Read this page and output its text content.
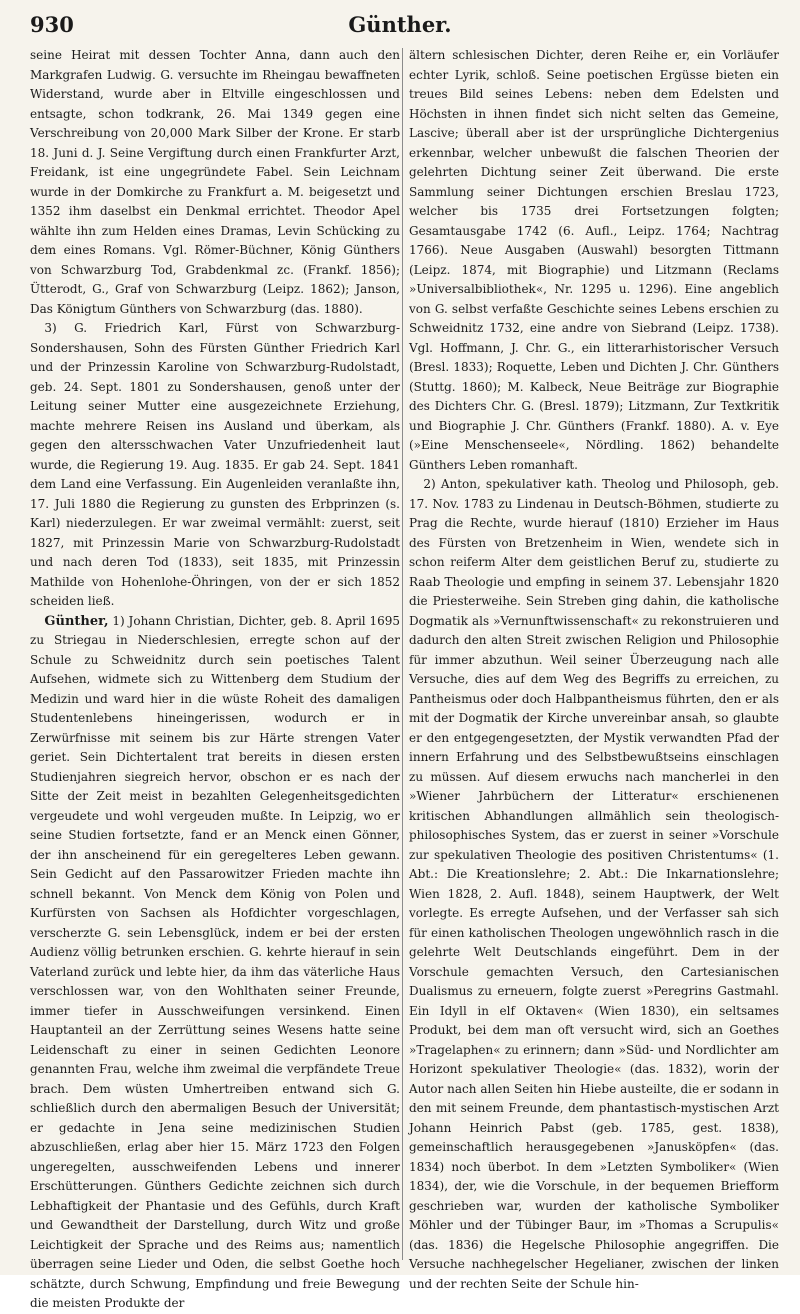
930	Günther.

seine Heirat mit dessen Tochter Anna, dann auch den Markgrafen Ludwig. G. versuchte im Rheingau bewaffneten Widerstand, wurde aber in Eltville eingeschlossen und entsagte, schon todkrank, 26. Mai 1349 gegen eine Verschreibung von 20,000 Mark Silber der Krone. Er starb 18. Juni d. J. Seine Vergiftung durch einen Frankfurter Arzt, Freidank, ist eine ungegründete Fabel. Sein Leichnam wurde in der Domkirche zu Frankfurt a. M. beigesetzt und 1352 ihm daselbst ein Denkmal errichtet. Theodor Apel wählte ihn zum Helden eines Dramas, Levin Schücking zu dem eines Romans. Vgl. Römer-Büchner, König Günthers von Schwarzburg Tod, Grabdenkmal zc. (Frankf. 1856); Ütterodt, G., Graf von Schwarzburg (Leipz. 1862); Janson, Das Königtum Günthers von Schwarzburg (das. 1880).

3) G. Friedrich Karl, Fürst von Schwarzburg-Sondershausen, Sohn des Fürsten Günther Friedrich Karl und der Prinzessin Karoline von Schwarzburg-Rudolstadt, geb. 24. Sept. 1801 zu Sondershausen, genoß unter der Leitung seiner Mutter eine ausgezeichnete Erziehung, machte mehrere Reisen ins Ausland und überkam, als gegen den altersschwachen Vater Unzufriedenheit laut wurde, die Regierung 19. Aug. 1835. Er gab 24. Sept. 1841 dem Land eine Verfassung. Ein Augenleiden veranlaßte ihn, 17. Juli 1880 die Regierung zu gunsten des Erbprinzen (s. Karl) niederzulegen. Er war zweimal vermählt: zuerst, seit 1827, mit Prinzessin Marie von Schwarzburg-Rudolstadt und nach deren Tod (1833), seit 1835, mit Prinzessin Mathilde von Hohenlohe-Öhringen, von der er sich 1852 scheiden ließ.

Günther, 1) Johann Christian, Dichter, geb. 8. April 1695 zu Striegau in Niederschlesien, erregte schon auf der Schule zu Schweidnitz durch sein poetisches Talent Aufsehen, widmete sich zu Wittenberg dem Studium der Medizin und ward hier in die wüste Roheit des damaligen Studentenlebens hineingerissen, wodurch er in Zerwürfnisse mit seinem bis zur Härte strengen Vater geriet. Sein Dichtertalent trat bereits in diesen ersten Studienjahren siegreich hervor, obschon er es nach der Sitte der Zeit meist in bezahlten Gelegenheitsgedichten vergeudete und wohl vergeuden mußte. In Leipzig, wo er seine Studien fortsetzte, fand er an Menck einen Gönner, der ihn anscheinend für ein geregelteres Leben gewann. Sein Gedicht auf den Passarowitzer Frieden machte ihn schnell bekannt. Von Menck dem König von Polen und Kurfürsten von Sachsen als Hofdichter vorgeschlagen, verscherzte G. sein Lebensglück, indem er bei der ersten Audienz völlig betrunken erschien. G. kehrte hierauf in sein Vaterland zurück und lebte hier, da ihm das väterliche Haus verschlossen war, von den Wohlthaten seiner Freunde, immer tiefer in Ausschweifungen versinkend. Einen Hauptanteil an der Zerrüttung seines Wesens hatte seine Leidenschaft zu einer in seinen Gedichten Leonore genannten Frau, welche ihm zweimal die verpfändete Treue brach. Dem wüsten Umhertreiben entwand sich G. schließlich durch den abermaligen Besuch der Universität; er gedachte in Jena seine medizinischen Studien abzuschließen, erlag aber hier 15. März 1723 den Folgen ungeregelten, ausschweifenden Lebens und innerer Erschütterungen. Günthers Gedichte zeichnen sich durch Lebhaftigkeit der Phantasie und des Gefühls, durch Kraft und Gewandtheit der Darstellung, durch Witz und große Leichtigkeit der Sprache und des Reims aus; namentlich überragen seine Lieder und Oden, die selbst Goethe hoch schätzte, durch Schwung, Empfindung und freie Bewegung die meisten Produkte der

ältern schlesischen Dichter, deren Reihe er, ein Vorläufer echter Lyrik, schloß. Seine poetischen Ergüsse bieten ein treues Bild seines Lebens: neben dem Edelsten und Höchsten in ihnen findet sich nicht selten das Gemeine, Lascive; überall aber ist der ursprüngliche Dichtergenius erkennbar, welcher unbewußt die falschen Theorien der gelehrten Dichtung seiner Zeit überwand. Die erste Sammlung seiner Dichtungen erschien Breslau 1723, welcher bis 1735 drei Fortsetzungen folgten; Gesamtausgabe 1742 (6. Aufl., Leipz. 1764; Nachtrag 1766). Neue Ausgaben (Auswahl) besorgten Tittmann (Leipz. 1874, mit Biographie) und Litzmann (Reclams »Universalbibliothek«, Nr. 1295 u. 1296). Eine angeblich von G. selbst verfaßte Geschichte seines Lebens erschien zu Schweidnitz 1732, eine andre von Siebrand (Leipz. 1738). Vgl. Hoffmann, J. Chr. G., ein litterarhistorischer Versuch (Bresl. 1833); Roquette, Leben und Dichten J. Chr. Günthers (Stuttg. 1860); M. Kalbeck, Neue Beiträge zur Biographie des Dichters Chr. G. (Bresl. 1879); Litzmann, Zur Textkritik und Biographie J. Chr. Günthers (Frankf. 1880). A. v. Eye (»Eine Menschenseele«, Nördling. 1862) behandelte Günthers Leben romanhaft.

2) Anton, spekulativer kath. Theolog und Philosoph, geb. 17. Nov. 1783 zu Lindenau in Deutsch-Böhmen, studierte zu Prag die Rechte, wurde hierauf (1810) Erzieher im Haus des Fürsten von Bretzenheim in Wien, wendete sich in schon reiferm Alter dem geistlichen Beruf zu, studierte zu Raab Theologie und empfing in seinem 37. Lebensjahr 1820 die Priesterweihe. Sein Streben ging dahin, die katholische Dogmatik als »Vernunftwissenschaft« zu rekonstruieren und dadurch den alten Streit zwischen Religion und Philosophie für immer abzuthun. Weil seiner Überzeugung nach alle Versuche, dies auf dem Weg des Begriffs zu erreichen, zu Pantheismus oder doch Halbpantheismus führten, den er als mit der Dogmatik der Kirche unvereinbar ansah, so glaubte er den entgegengesetzten, der Mystik verwandten Pfad der innern Erfahrung und des Selbstbewußtseins einschlagen zu müssen. Auf diesem erwuchs nach mancherlei in den »Wiener Jahrbüchern der Litteratur« erschienenen kritischen Abhandlungen allmählich sein theologisch-philosophisches System, das er zuerst in seiner »Vorschule zur spekulativen Theologie des positiven Christentums« (1. Abt.: Die Kreationslehre; 2. Abt.: Die Inkarnationslehre; Wien 1828, 2. Aufl. 1848), seinem Hauptwerk, der Welt vorlegte. Es erregte Aufsehen, und der Verfasser sah sich für einen katholischen Theologen ungewöhnlich rasch in die gelehrte Welt Deutschlands eingeführt. Dem in der Vorschule gemachten Versuch, den Cartesianischen Dualismus zu erneuern, folgte zuerst »Peregrins Gastmahl. Ein Idyll in elf Oktaven« (Wien 1830), ein seltsames Produkt, bei dem man oft versucht wird, sich an Goethes »Tragelaphen« zu erinnern; dann »Süd- und Nordlichter am Horizont spekulativer Theologie« (das. 1832), worin der Autor nach allen Seiten hin Hiebe austeilte, die er sodann in den mit seinem Freunde, dem phantastisch-mystischen Arzt Johann Heinrich Pabst (geb. 1785, gest. 1838), gemeinschaftlich herausgegebenen »Janusköpfen« (das. 1834) noch überbot. In dem »Letzten Symboliker« (Wien 1834), der, wie die Vorschule, in der bequemen Briefform geschrieben war, wurden der katholische Symboliker Möhler und der Tübinger Baur, im »Thomas a Scrupulis« (das. 1836) die Hegelsche Philosophie angegriffen. Die Versuche nachhegelscher Hegelianer, zwischen der linken und der rechten Seite der Schule hin-
